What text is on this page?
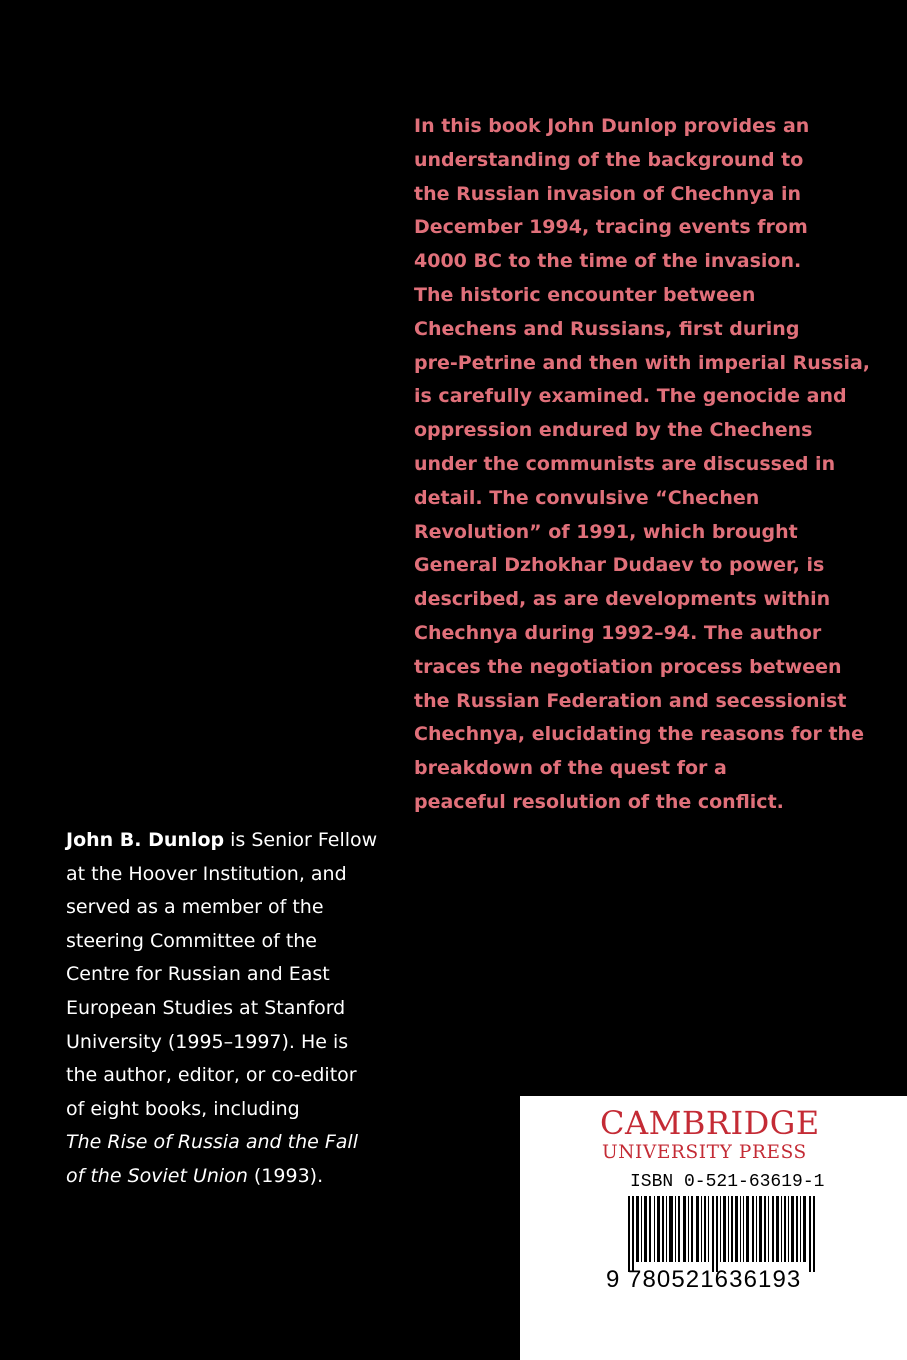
In this book John Dunlop provides an
understanding of the background to
the Russian invasion of Chechnya in
December 1994, tracing events from
4000 BC to the time of the invasion.
The historic encounter between
Chechens and Russians, first during
pre-Petrine and then with imperial Russia,
is carefully examined. The genocide and
oppression endured by the Chechens
under the communists are discussed in
detail. The convulsive “Chechen
Revolution” of 1991, which brought
General Dzhokhar Dudaev to power, is
described, as are developments within
Chechnya during 1992–94. The author
traces the negotiation process between
the Russian Federation and secessionist
Chechnya, elucidating the reasons for the
breakdown of the quest for a
peaceful resolution of the conflict.
John B. Dunlop is Senior Fellow
at the Hoover Institution, and
served as a member of the
steering Committee of the
Centre for Russian and East
European Studies at Stanford
University (1995–1997). He is
the author, editor, or co-editor
of eight books, including
The Rise of Russia and the Fall
of the Soviet Union (1993).
CAMBRIDGE
UNIVERSITY PRESS
ISBN 0-521-63619-1
9 780521636193
